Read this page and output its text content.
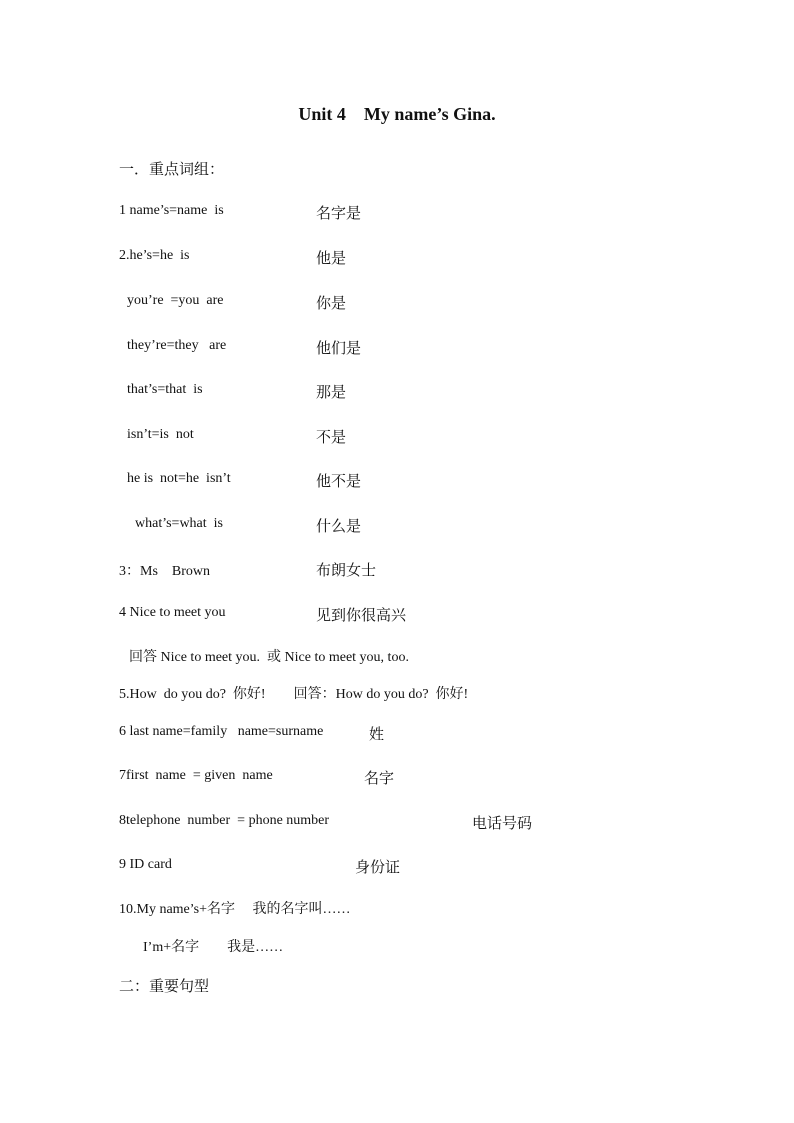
Unit 4    My name’s Gina.
一．重点词组：
1 name’s=name  is	名字是
2.he’s=he  is	他是
you’re  =you  are	你是
they’re=they   are	他们是
that’s=that  is	那是
isn’t=is  not	不是
he is  not=he  isn’t	他不是
what’s=what  is	什么是
3：Ms    Brown	布朗女士
4 Nice to meet you	见到你很高兴
回答 Nice to meet you.  或 Nice to meet you, too.
5.How  do you do?  你好!        回答：How do you do?  你好!
6 last name=family   name=surname	姓
7first  name  = given  name	名字
8telephone  number  = phone number	电话号码
9 ID card	身份证
10.My name’s+名字     我的名字叫……
I’m+名字        我是……
二：重要句型
